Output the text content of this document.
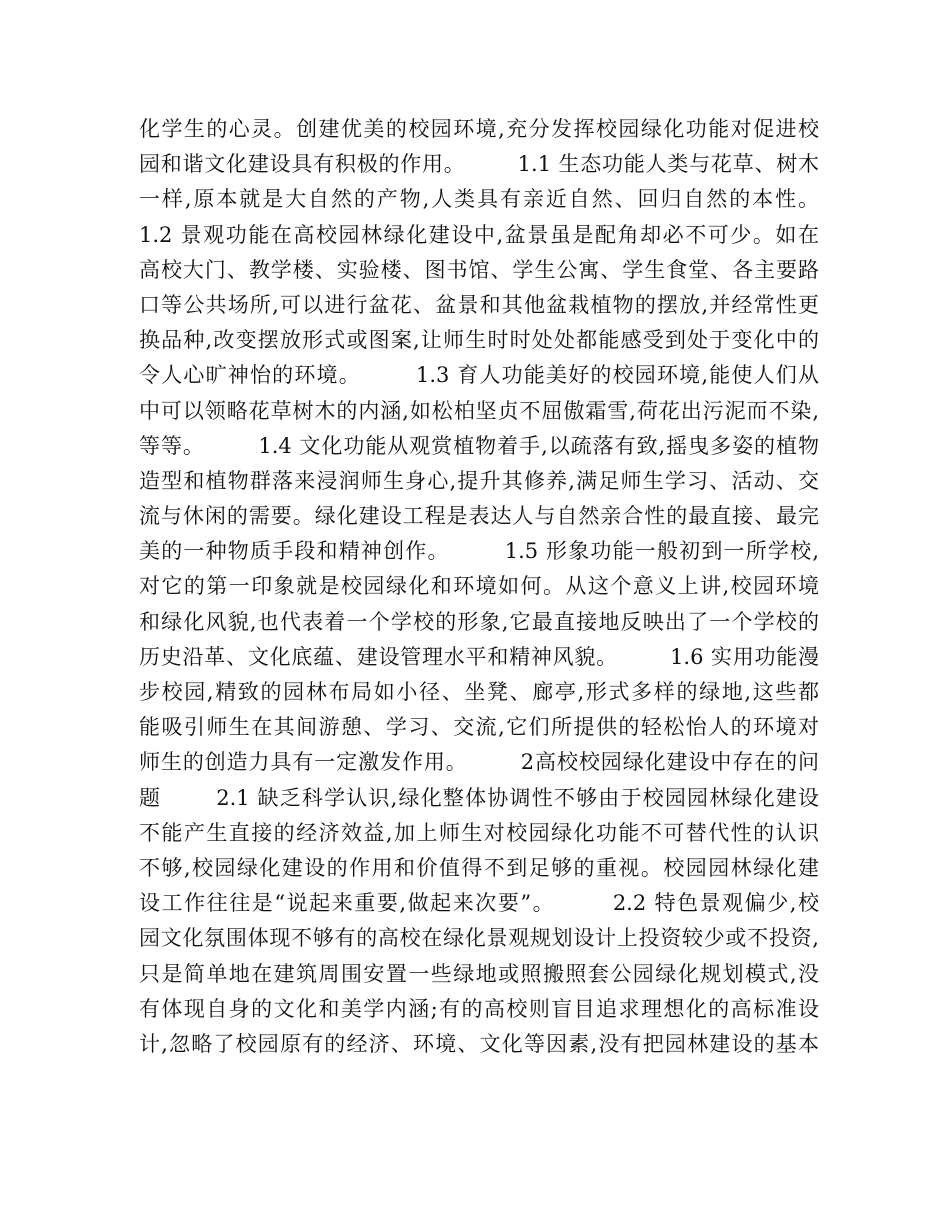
化学生的心灵。创建优美的校园环境,充分发挥校园绿化功能对促进校
园和谐文化建设具有积极的作用。       1.1 生态功能人类与花草、树木
一样,原本就是大自然的产物,人类具有亲近自然、回归自然的本性。
1.2 景观功能在高校园林绿化建设中,盆景虽是配角却必不可少。如在
高校大门、教学楼、实验楼、图书馆、学生公寓、学生食堂、各主要路
口等公共场所,可以进行盆花、盆景和其他盆栽植物的摆放,并经常性更
换品种,改变摆放形式或图案,让师生时时处处都能感受到处于变化中的
令人心旷神怡的环境。       1.3 育人功能美好的校园环境,能使人们从
中可以领略花草树木的内涵,如松柏坚贞不屈傲霜雪,荷花出污泥而不染,
等等。       1.4 文化功能从观赏植物着手,以疏落有致,摇曳多姿的植物
造型和植物群落来浸润师生身心,提升其修养,满足师生学习、活动、交
流与休闲的需要。绿化建设工程是表达人与自然亲合性的最直接、最完
美的一种物质手段和精神创作。       1.5 形象功能一般初到一所学校,
对它的第一印象就是校园绿化和环境如何。从这个意义上讲,校园环境
和绿化风貌,也代表着一个学校的形象,它最直接地反映出了一个学校的
历史沿革、文化底蕴、建设管理水平和精神风貌。       1.6 实用功能漫
步校园,精致的园林布局如小径、坐凳、廊亭,形式多样的绿地,这些都
能吸引师生在其间游憩、学习、交流,它们所提供的轻松怡人的环境对
师生的创造力具有一定激发作用。       2高校校园绿化建设中存在的问
题       2.1 缺乏科学认识,绿化整体协调性不够由于校园园林绿化建设
不能产生直接的经济效益,加上师生对校园绿化功能不可替代性的认识
不够,校园绿化建设的作用和价值得不到足够的重视。校园园林绿化建
设工作往往是“说起来重要,做起来次要”。       2.2 特色景观偏少,校
园文化氛围体现不够有的高校在绿化景观规划设计上投资较少或不投资,
只是简单地在建筑周围安置一些绿地或照搬照套公园绿化规划模式,没
有体现自身的文化和美学内涵;有的高校则盲目追求理想化的高标准设
计,忽略了校园原有的经济、环境、文化等因素,没有把园林建设的基本
